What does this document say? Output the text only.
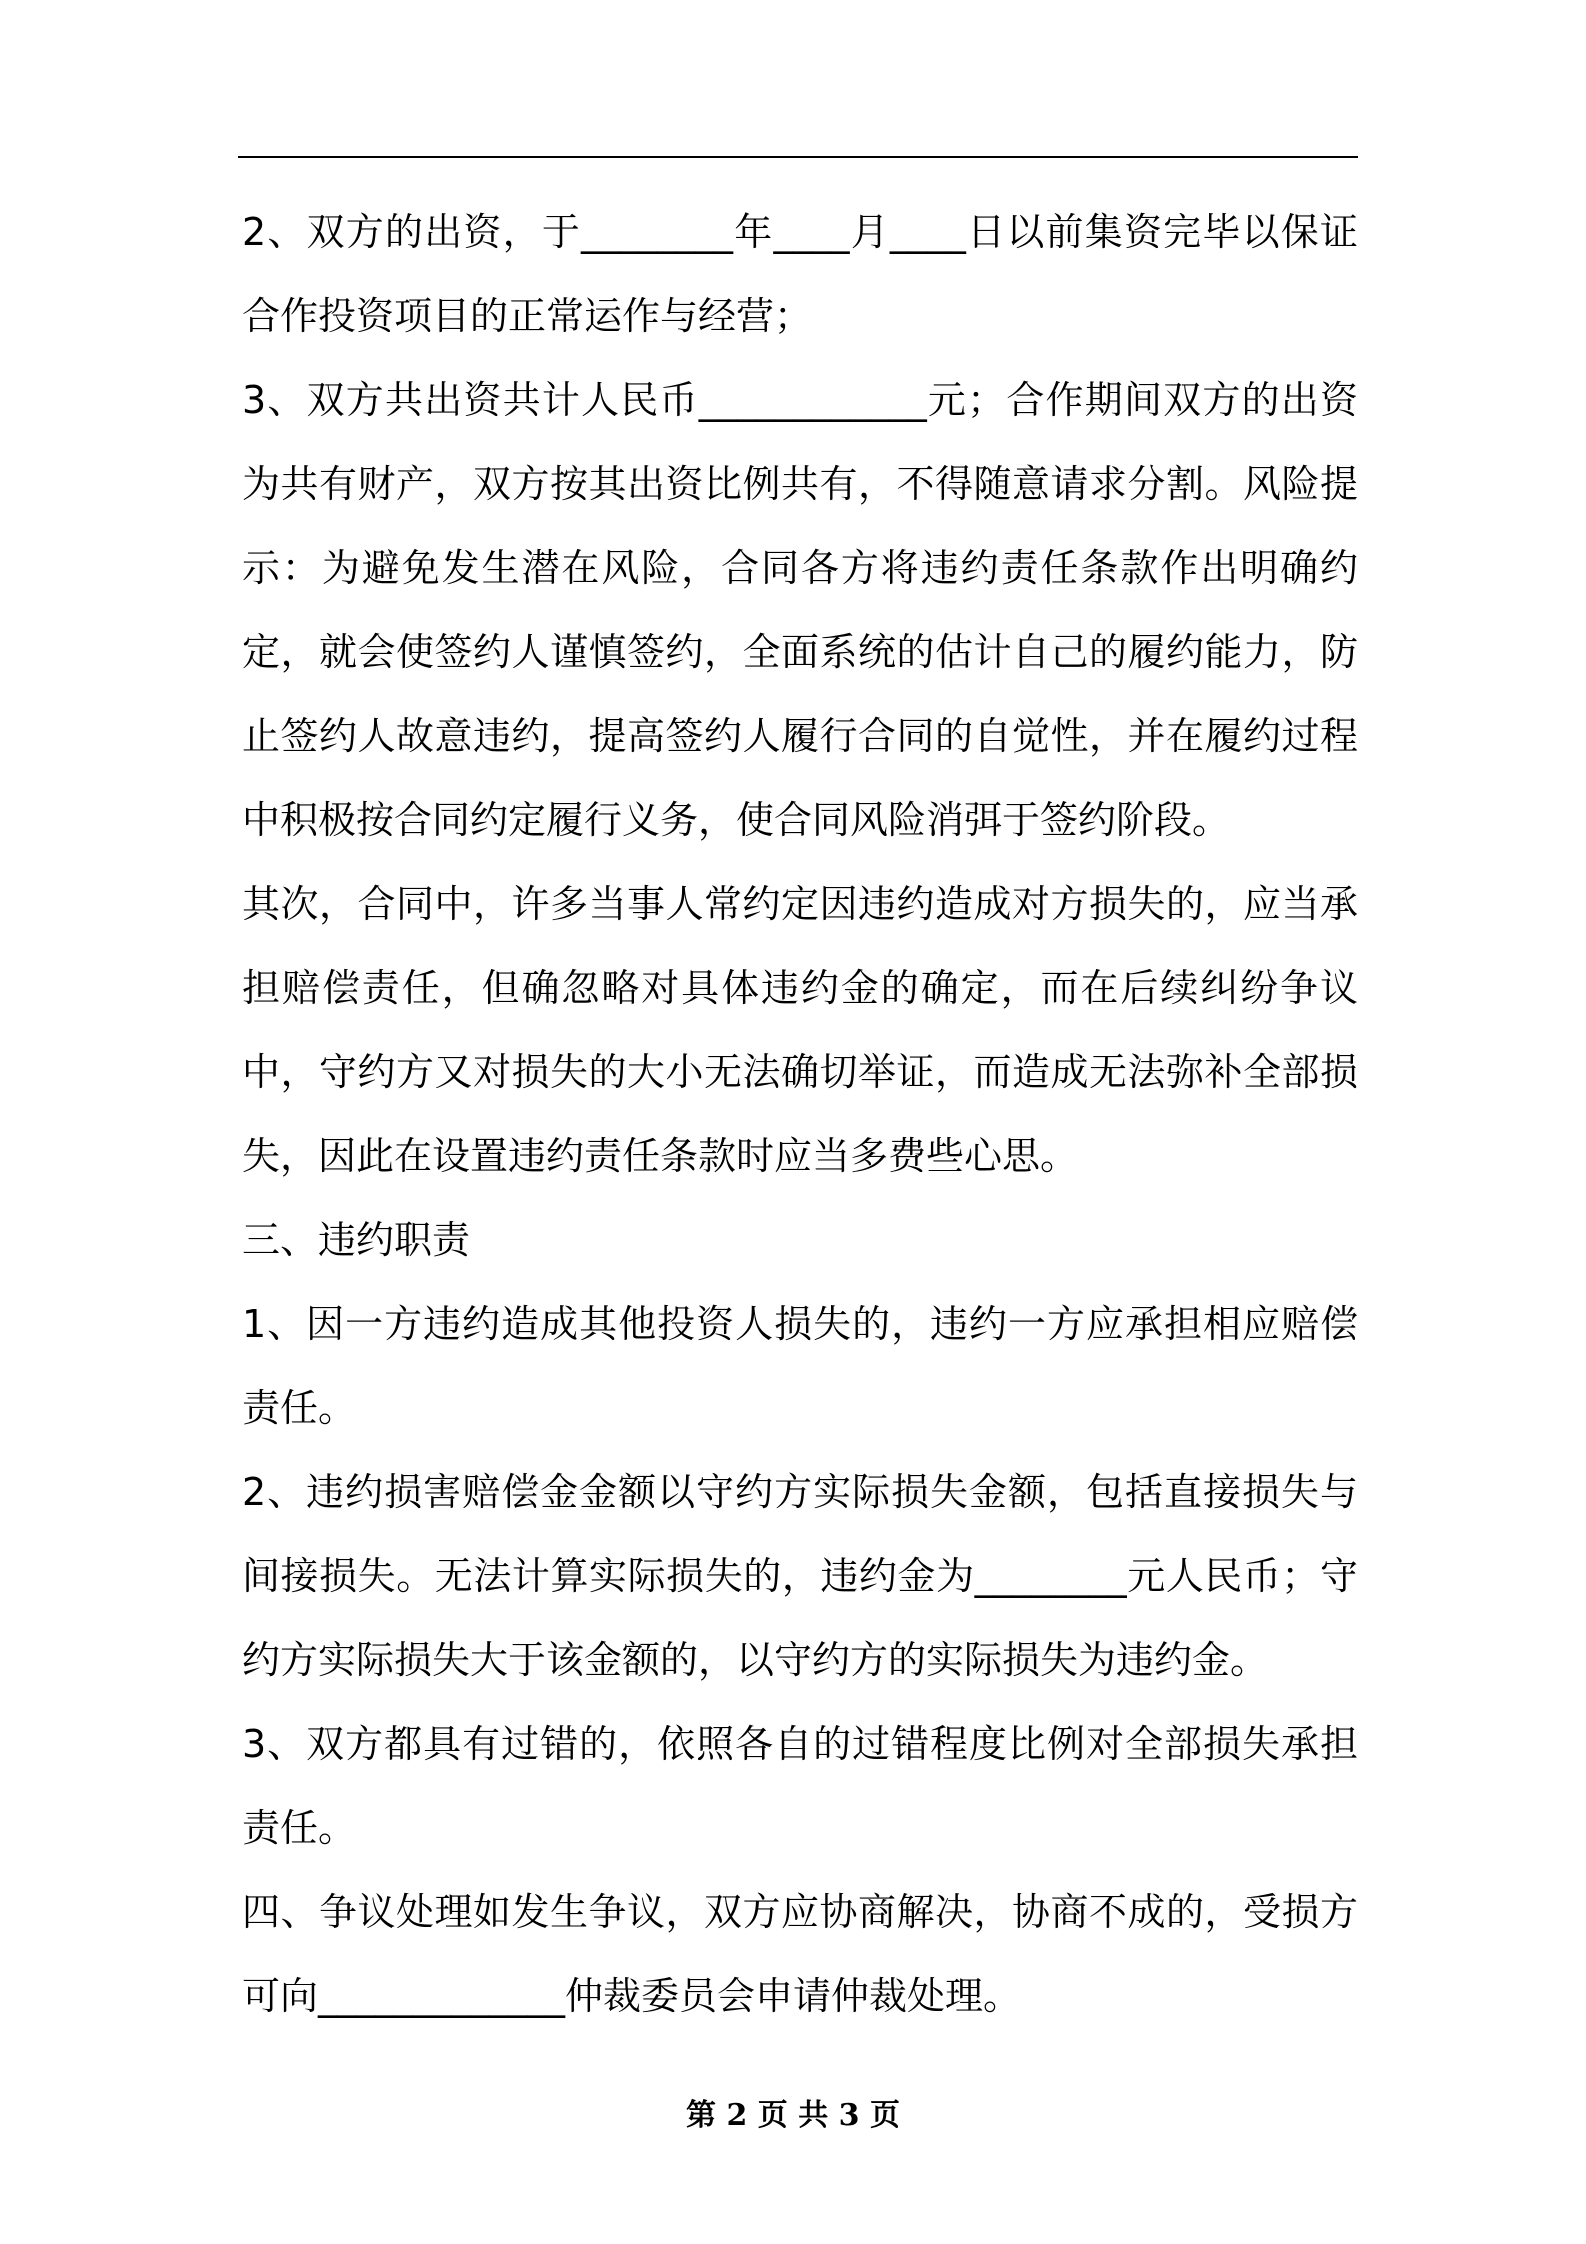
2、双方的出资，于________年____月____日以前集资完毕以保证合作投资项目的正常运作与经营；

3、双方共出资共计人民币____________元；合作期间双方的出资为共有财产，双方按其出资比例共有，不得随意请求分割。风险提示：为避免发生潜在风险，合同各方将违约责任条款作出明确约定，就会使签约人谨慎签约，全面系统的估计自己的履约能力，防止签约人故意违约，提高签约人履行合同的自觉性，并在履约过程中积极按合同约定履行义务，使合同风险消弭于签约阶段。

其次，合同中，许多当事人常约定因违约造成对方损失的，应当承担赔偿责任，但确忽略对具体违约金的确定，而在后续纠纷争议中，守约方又对损失的大小无法确切举证，而造成无法弥补全部损失，因此在设置违约责任条款时应当多费些心思。

三、违约职责

1、因一方违约造成其他投资人损失的，违约一方应承担相应赔偿责任。

2、违约损害赔偿金金额以守约方实际损失金额，包括直接损失与间接损失。无法计算实际损失的，违约金为________元人民币；守约方实际损失大于该金额的，以守约方的实际损失为违约金。

3、双方都具有过错的，依照各自的过错程度比例对全部损失承担责任。

四、争议处理如发生争议，双方应协商解决，协商不成的，受损方可向_____________仲裁委员会申请仲裁处理。

第 2 页 共 3 页
